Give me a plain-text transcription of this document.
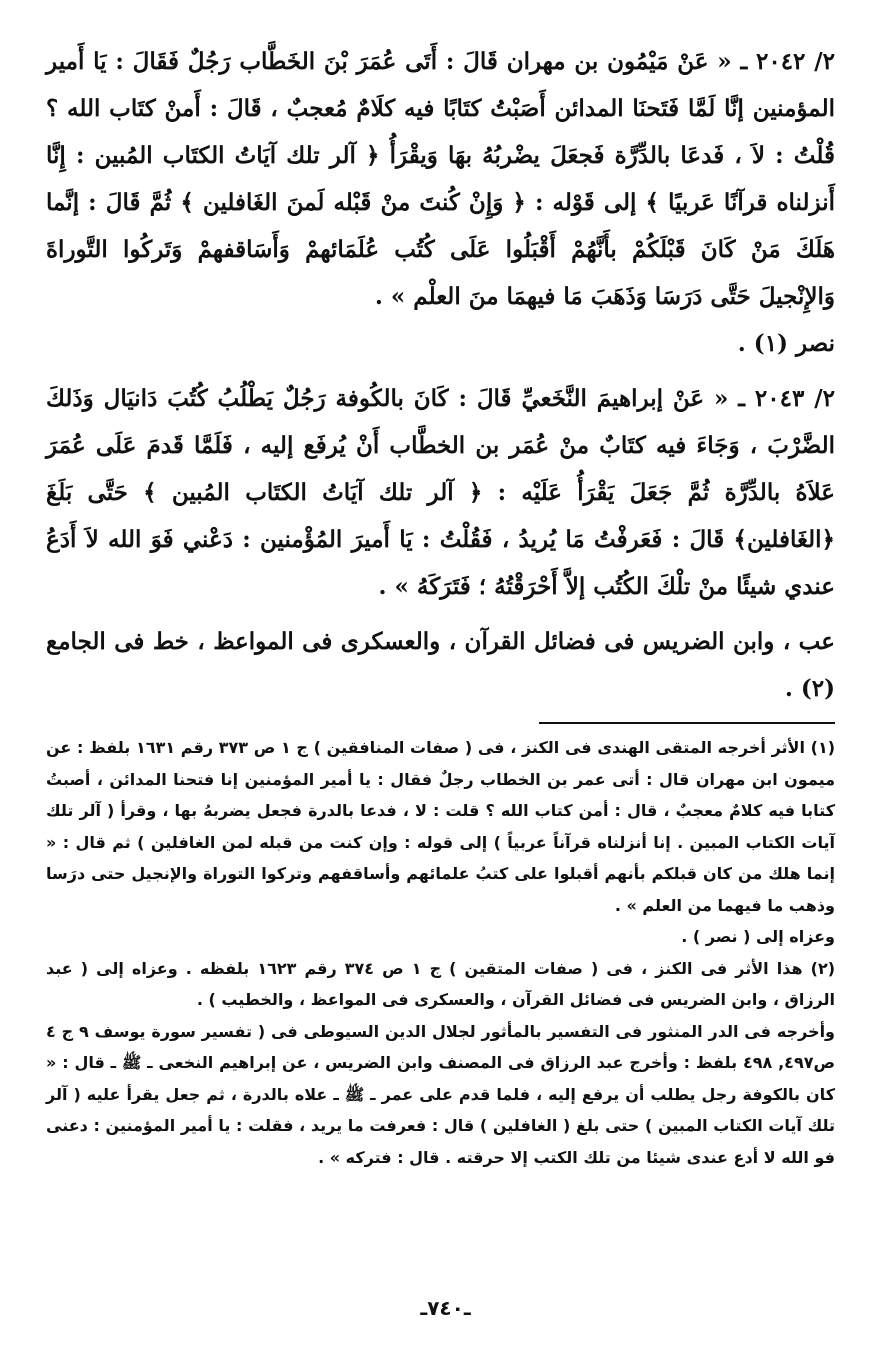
٢/ ٢٠٤٢ ـ « عَنْ مَيْمُون بن مهران قَالَ : أَتَى عُمَرَ بْنَ الخَطَّاب رَجُلٌ فَقَالَ : يَا أَمير المؤمنين إنَّا لَمَّا فَتَحنَا المدائن أَصَبْتُ كتَابًا فيه كلَامٌ مُعجبٌ ، قَالَ : أَمنْ كتَاب الله ؟ قُلْتُ : لاَ ، فَدعَا بالدِّرَّة فَجعَلَ يضْربُهُ بهَا وَيقْرَأُ ﴿ آلر تلك آيَاتُ الكتَاب المُبين : إِنَّا أَنزلناه قرآنًا عَربيًا ﴾ إلى قَوْله : ﴿ وَإِنْ كُنتَ منْ قَبْله لَمنَ الغَافلين ﴾ ثُمَّ قَالَ : إنَّما هَلَكَ مَنْ كَانَ قَبْلَكُمْ بأَنَّهُمْ أَقْبَلُوا عَلَى كُتُب عُلَمَائهمْ وَأَسَاقفهمْ وَتَركُوا التَّوراةَ وَالإِنْجيلَ حَتَّى دَرَسَا وَذَهَبَ مَا فيهمَا منَ العلْم » .

نصر (١) .

٢/ ٢٠٤٣ ـ « عَنْ إبراهيمَ النَّخَعيِّ قَالَ : كَانَ بالكُوفة رَجُلٌ يَطْلُبُ كُتُبَ دَانيَال وَذَلكَ الضَّرْبَ ، وَجَاءَ فيه كتَابٌ منْ عُمَر بن الخطَّاب أَنْ يُرفَع إليه ، فَلَمَّا قَدمَ عَلَى عُمَرَ عَلاَهُ بالدِّرَّة ثُمَّ جَعَلَ يَقْرَأُ عَلَيْه : ﴿ آلر تلك آيَاتُ الكتَاب المُبين ﴾ حَتَّى بَلَغَ ﴿الغَافلين﴾ قَالَ : فَعَرفْتُ مَا يُريدُ ، فَقُلْتُ : يَا أَميرَ المُؤْمنين : دَعْني فَوَ الله لاَ أَدَعُ عندي شيئًا منْ تلْكَ الكُتُب إلاَّ أَحْرَقْتُهُ ؛ فَتَرَكَهُ » .

عب ، وابن الضريس فى فضائل القرآن ، والعسكرى فى المواعظ ، خط فى الجامع (٢) .

(١) الأثر أخرجه المتقى الهندى فى الكنز ، فى ( صفات المنافقين ) ج ١ ص ٣٧٣ رقم ١٦٣١ بلفظ : عن ميمون ابن مهران قال : أتى عمر بن الخطاب رجلٌ فقال : يا أمير المؤمنين إنا فتحنا المدائن ، أصبتُ كتابا فيه كلامٌ معجبٌ ، قال : أمن كتاب الله ؟ قلت : لا ، فدعا بالدرة فجعل يضربهُ بها ، وقرأ ( آلر تلك آيات الكتاب المبين . إنا أنزلناه قرآناً عربياً ) إلى قوله : وإن كنت من قبله لمن الغافلين ) ثم قال : « إنما هلك من كان قبلكم بأنهم أقبلوا على كتبُ علمائهم وأساقفهم وتركوا التوراة والإنجيل حتى درَسا وذهب ما فيهما من العلم » .

وعزاه إلى ( نصر ) .

(٢) هذا الأثر فى الكنز ، فى ( صفات المتقين ) ج ١ ص ٣٧٤ رقم ١٦٢٣ بلفظه . وعزاه إلى ( عبد الرزاق ، وابن الضريس فى فضائل القرآن ، والعسكرى فى المواعظ ، والخطيب ) .

وأخرجه فى الدر المنثور فى التفسير بالمأثور لجلال الدين السيوطى فى ( تفسير سورة يوسف ٩ ج ٤ ص٤٩٧, ٤٩٨ بلفظ : وأخرج عبد الرزاق فى المصنف وابن الضريس ، عن إبراهيم النخعى ـ ﷺ ـ قال : « كان بالكوفة رجل يطلب أن يرفع إليه ، فلما قدم على عمر ـ ﷺ ـ علاه بالدرة ، ثم جعل يقرأ عليه ( آلر تلك آيات الكتاب المبين ) حتى بلغ ( الغافلين ) قال : فعرفت ما يريد ، فقلت : يا أمير المؤمنين : دعنى فو الله لا أدع عندى شيئا من تلك الكتب إلا حرقته . قال : فتركه » .

ـ٧٤٠ـ
